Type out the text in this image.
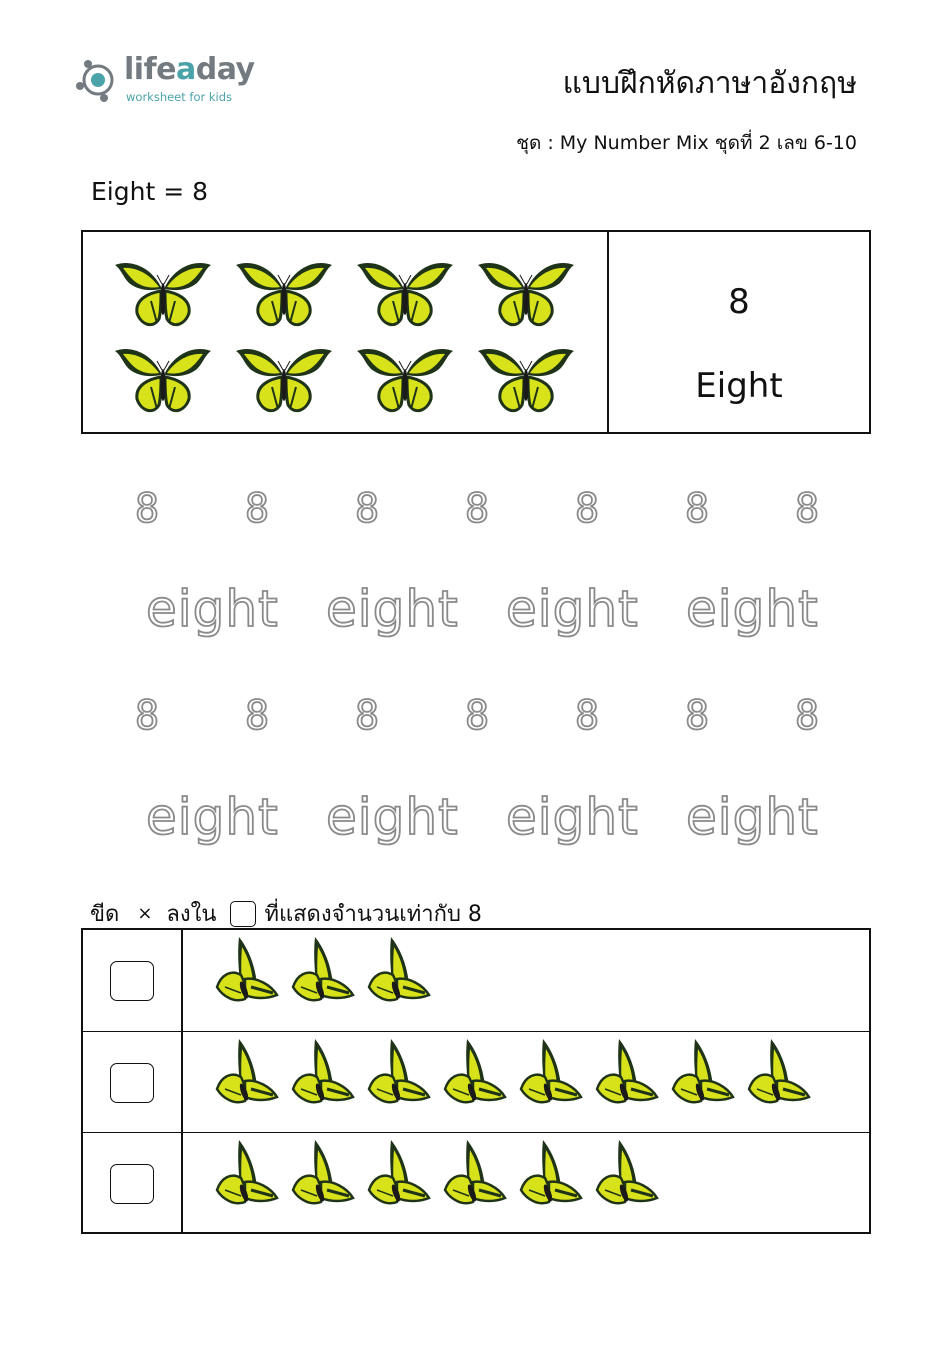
lifeaday
worksheet for kids	แบบฝึกหัดภาษาอังกฤษ
ชุด : My Number Mix ชุดที่ 2 เลข 6-10
Eight = 8
8
Eight
8 8 8 8 8 8 8
8 8 8 8 8 8 8
eight eight eight eight
eight eight eight eight
ขีด × ลงใน ที่แสดงจำนวนเท่ากับ 8
